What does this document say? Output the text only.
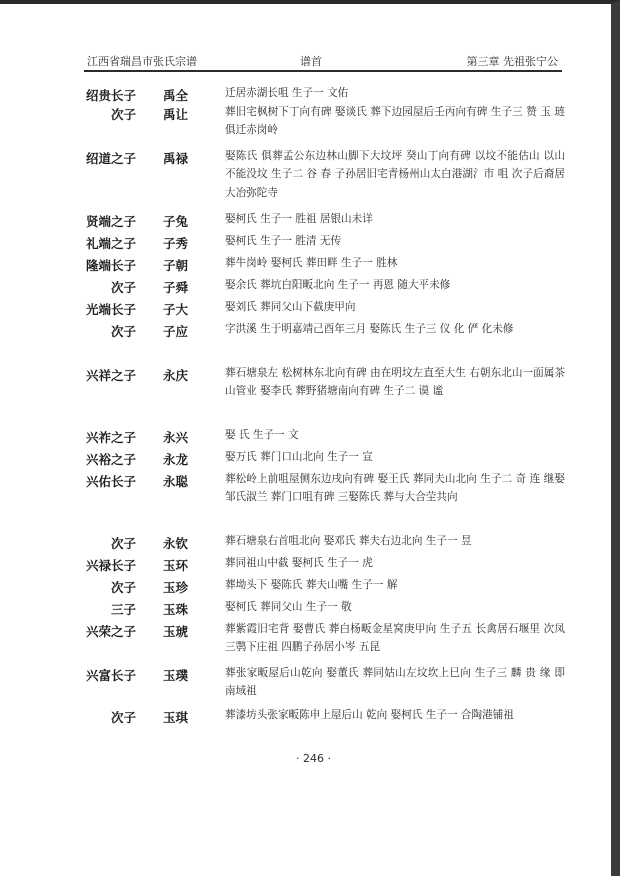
江西省瑞昌市张氏宗谱	谱首	第三章 先祖张宁公
绍贵长子 禹全	迁居赤湖长咀 生子一 文佑
次子 禹让	葬旧宅枫树下丁向有碑 娶谈氏 葬下边园屋后壬丙向有碑 生子三 赞 玉 琏 俱迁赤岗岭
绍道之子 禹禄	娶陈氏 俱葬孟公东边林山脚下大坟坪 癸山丁向有碑 以坟不能估山 以山不能没坟 生子二 谷 春 子孙居旧宅青杨州山太白港湖氵巿 咀 次子后裔居大冶弥陀寺
贤端之子 子兔	娶柯氏 生子一 胜祖 居银山未详
礼端之子 子秀	娶柯氏 生子一 胜清 无传
隆端长子 子朝	葬牛岗岭 娶柯氏 葬田畔 生子一 胜林
次子 子舜	娶余氏 葬坑白阳畈北向 生子一 再恩 随大平未修
光端长子 子大	娶刘氏 葬同父山下截庚甲向
次子 子应	字洪溪 生于明嘉靖己酉年三月 娶陈氏 生子三 仪 化 俨 化未修
兴祥之子 永庆	葬石塘泉左 松树林东北向有碑 由在明坟左直至大生 右朝东北山一面属茶山管业 娶李氏 葬野猪塘南向有碑 生子二 谟 谧
兴祚之子 永兴	娶 氏 生子一 文
兴裕之子 永龙	娶万氏 葬门口山北向 生子一 宣
兴佑长子 永聪	葬松岭上前咀屋侧东边戌向有碑 娶王氏 葬同夫山北向 生子二 奇 连 继娶邹氏淑兰 葬门口咀有碑 三娶陈氏 葬与大合茔共向
次子 永钦	葬石塘泉右首咀北向 娶邓氏 葬夫右边北向 生子一 昱
兴禄长子 玉环	葬同祖山中截 娶柯氏 生子一 虎
次子 玉珍	葬坳头下 娶陈氏 葬夫山嘴 生子一 解
三子 玉珠	娶柯氏 葬同父山 生子一 敬
兴荣之子 玉琥	葬紫霞旧宅背 娶曹氏 葬白杨畈金星窝庚甲向 生子五 长禽居石堰里 次凤 三鹗下庄祖 四鹏子孙居小岑 五昆
兴富长子 玉璞	葬张家畈屋后山乾向 娶董氏 葬同姑山左坟坎上巳向 生子三 麟 贵 缘 即南域祖
次子 玉琪	葬漆坊头张家畈陈申上屋后山 乾向 娶柯氏 生子一 合陶港铺祖
· 246 ·
